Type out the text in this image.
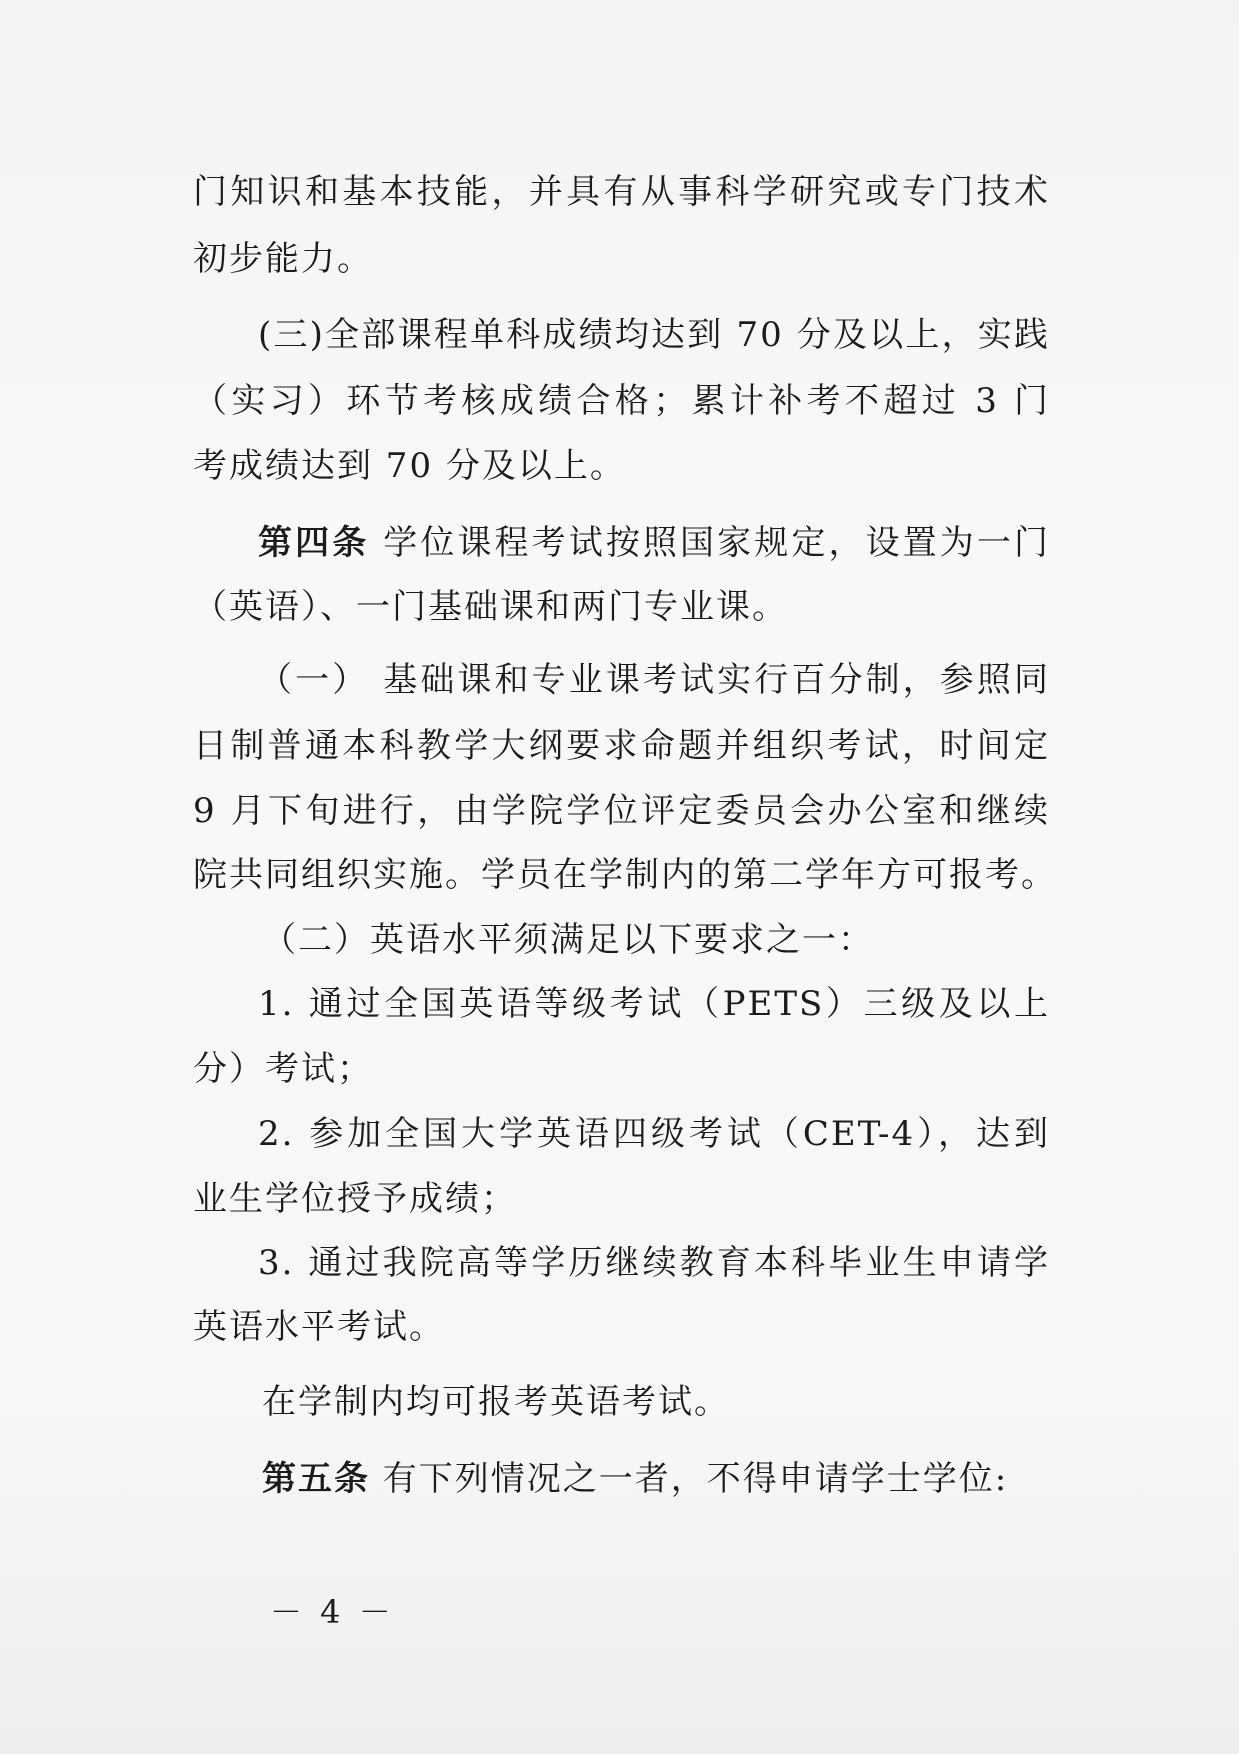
门知识和基本技能，并具有从事科学研究或专门技术
初步能力。
(三)全部课程单科成绩均达到 70 分及以上，实践
（实习）环节考核成绩合格；累计补考不超过 3 门
考成绩达到 70 分及以上。
第四条 学位课程考试按照国家规定，设置为一门
（英语）、一门基础课和两门专业课。
（一） 基础课和专业课考试实行百分制，参照同
日制普通本科教学大纲要求命题并组织考试，时间定
9 月下旬进行，由学院学位评定委员会办公室和继续
院共同组织实施。学员在学制内的第二学年方可报考。
（二）英语水平须满足以下要求之一：
1. 通过全国英语等级考试（PETS）三级及以上
分）考试；
2. 参加全国大学英语四级考试（CET-4），达到
业生学位授予成绩；
3. 通过我院高等学历继续教育本科毕业生申请学
英语水平考试。
在学制内均可报考英语考试。
第五条 有下列情况之一者，不得申请学士学位:
－ 4 －
